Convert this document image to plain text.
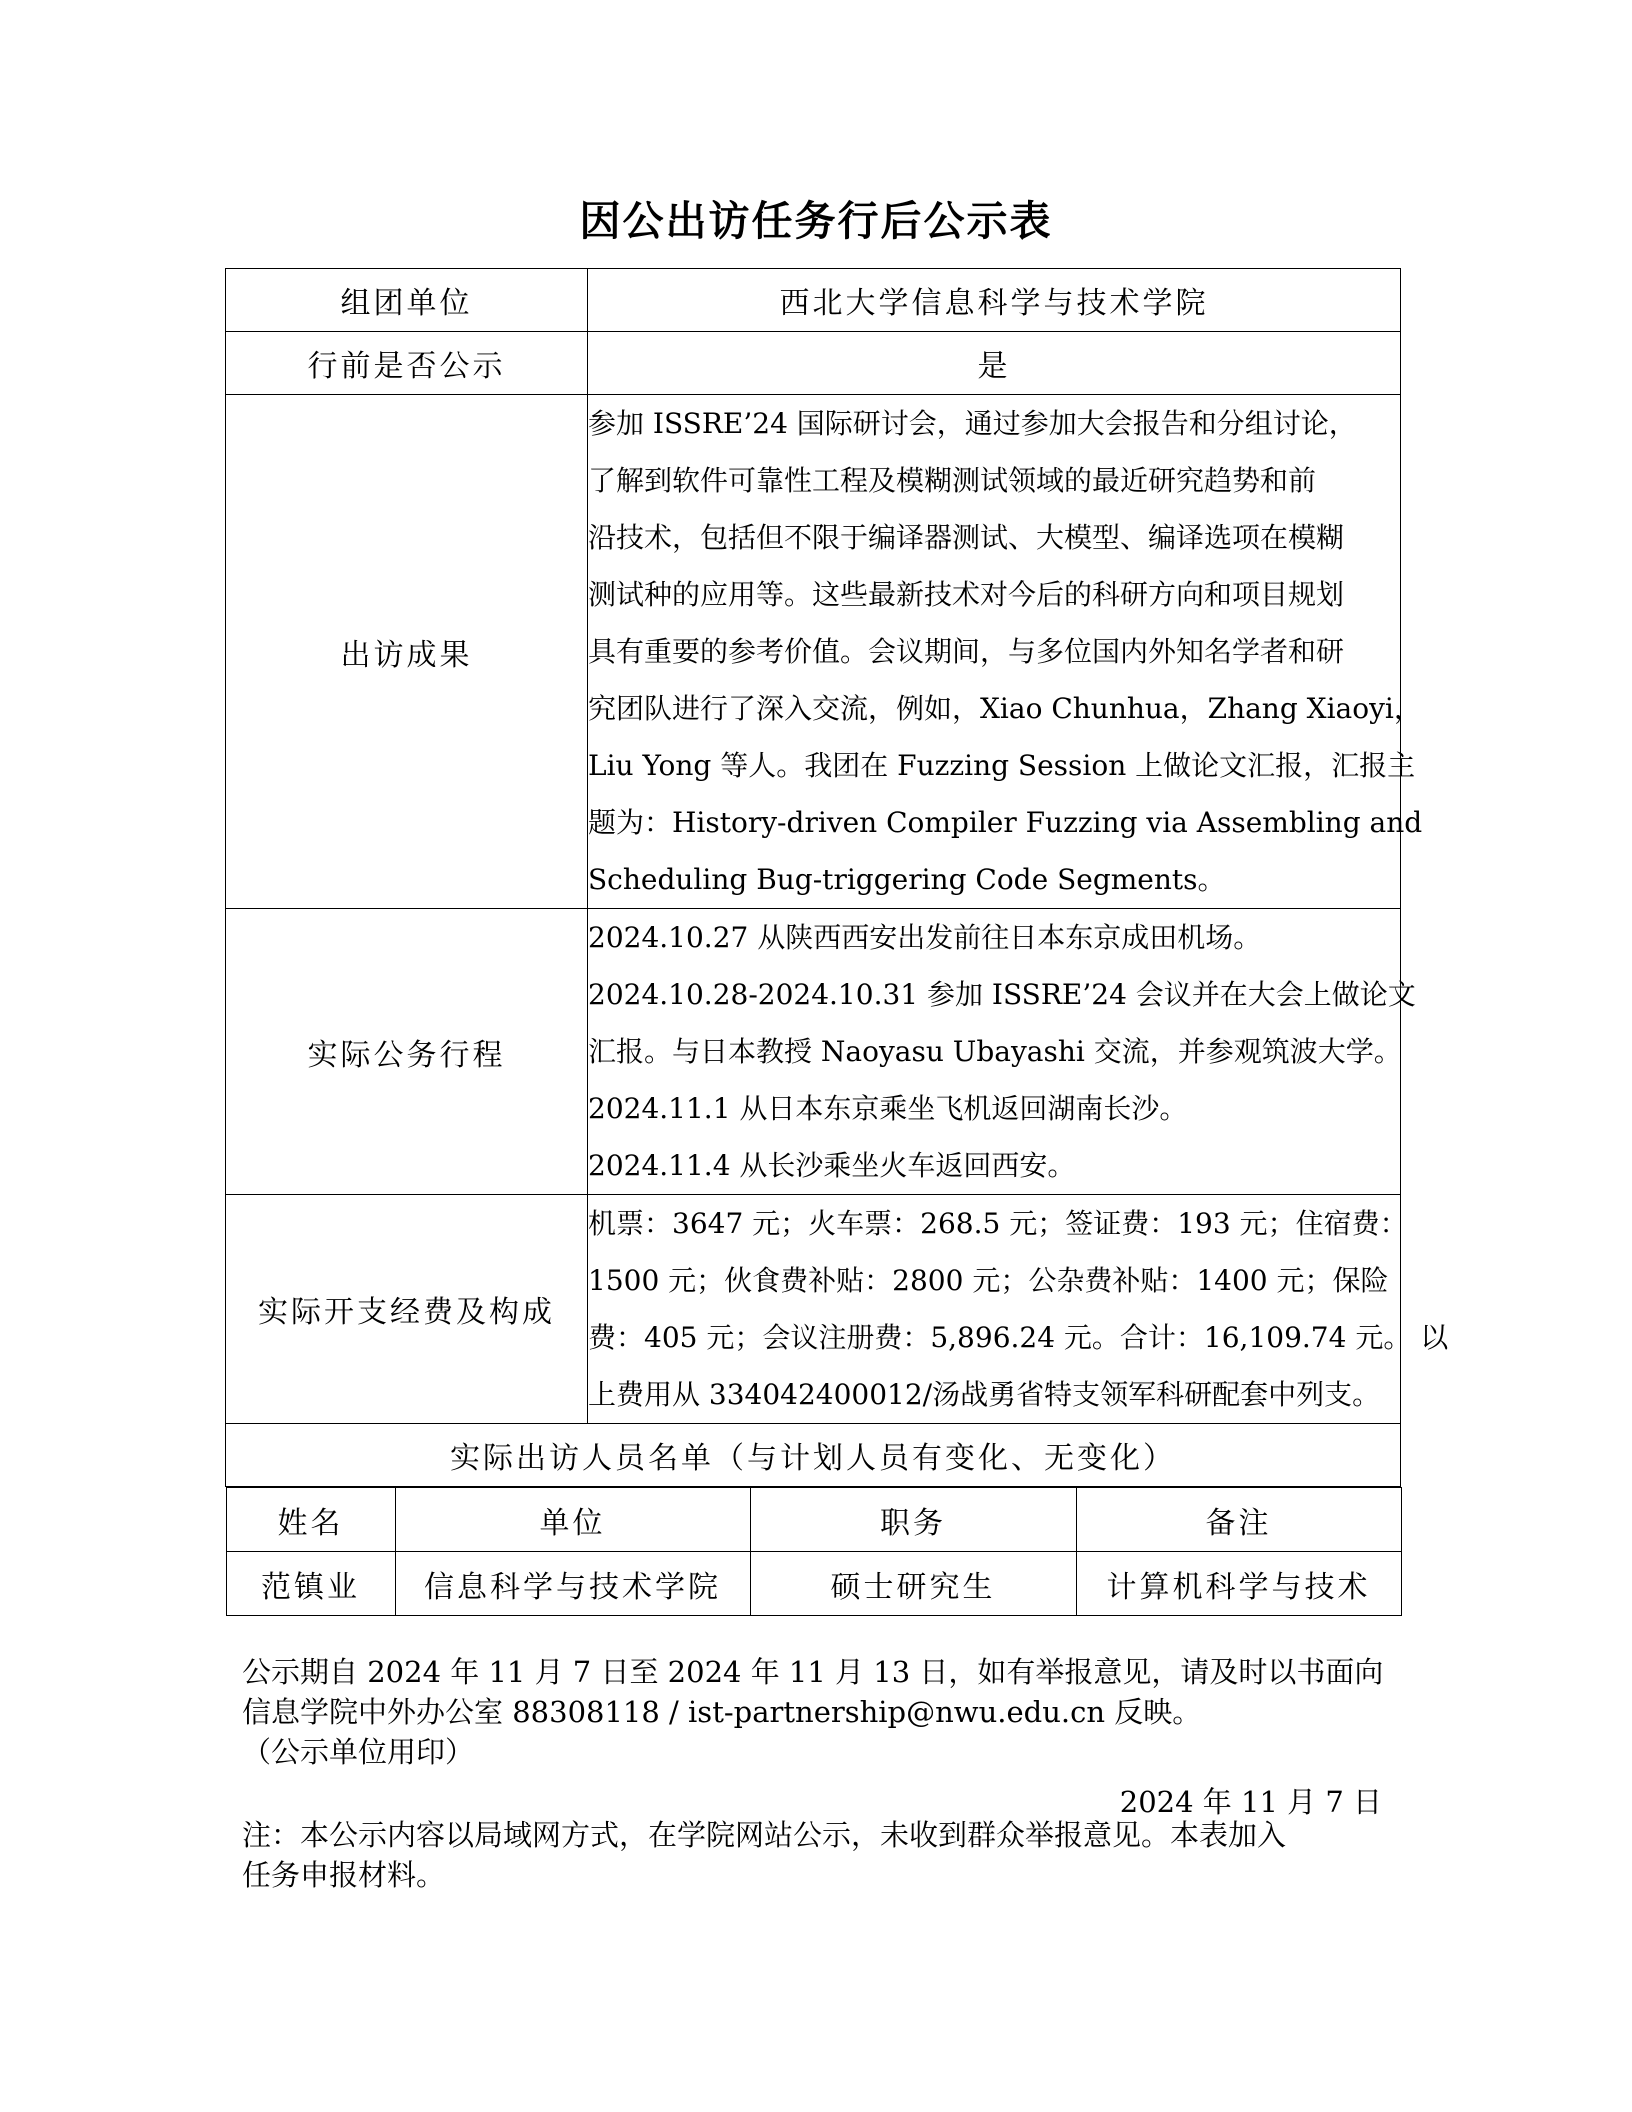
因公出访任务行后公示表
组团单位	西北大学信息科学与技术学院
行前是否公示	是
出访成果	
参加 ISSRE’24 国际研讨会，通过参加大会报告和分组讨论，
了解到软件可靠性工程及模糊测试领域的最近研究趋势和前
沿技术，包括但不限于编译器测试、大模型、编译选项在模糊
测试种的应用等。这些最新技术对今后的科研方向和项目规划
具有重要的参考价值。会议期间，与多位国内外知名学者和研
究团队进行了深入交流，例如，Xiao Chunhua，Zhang Xiaoyi，
Liu Yong 等人。我团在 Fuzzing Session 上做论文汇报，汇报主
题为：History-driven Compiler Fuzzing via Assembling and
Scheduling Bug-triggering Code Segments。

实际公务行程	
2024.10.27 从陕西西安出发前往日本东京成田机场。
2024.10.28-2024.10.31 参加 ISSRE’24 会议并在大会上做论文
汇报。与日本教授 Naoyasu Ubayashi 交流，并参观筑波大学。
2024.11.1 从日本东京乘坐飞机返回湖南长沙。
2024.11.4 从长沙乘坐火车返回西安。

实际开支经费及构成	
机票：3647 元；火车票：268.5 元；签证费：193 元；住宿费：
1500 元；伙食费补贴：2800 元；公杂费补贴：1400 元；保险
费：405 元；会议注册费：5,896.24 元。合计：16,109.74 元。 以
上费用从 334042400012/汤战勇省特支领军科研配套中列支。

实际出访人员名单（与计划人员有变化、无变化）

姓名	单位	职务	备注
范镇业	信息科学与技术学院	硕士研究生	计算机科学与技术
公示期自 2024 年 11 月 7 日至 2024 年 11 月 13 日，如有举报意见，请及时以书面向
信息学院中外办公室 88308118 / ist-partnership@nwu.edu.cn 反映。
（公示单位用印）
2024 年 11 月 7 日
注：本公示内容以局域网方式，在学院网站公示，未收到群众举报意见。本表加入
任务申报材料。
